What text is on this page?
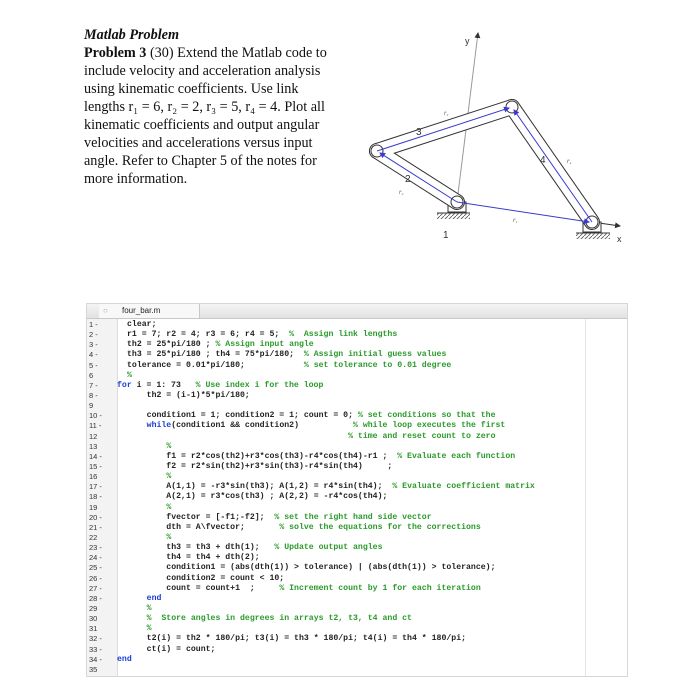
Matlab Problem
Problem 3 (30) Extend the Matlab code to
include velocity and acceleration analysis
using kinematic coefficients. Use link
lengths r₁ = 6, r₂ = 2, r₃ = 5, r₄ = 4. Plot all
kinematic coefficients and output angular
velocities and accelerations versus input
angle. Refer to Chapter 5 of the notes for
more information.
y
x
1
2
3
4
r̄₁
r̄₂
r̄₃
r̄₄
○ four_bar.m
1 -	clear;
2 -	r1 = 7; r2 = 4; r3 = 6; r4 = 5;  %  Assign link lengths
3 -	th2 = 25*pi/180 ; % Assign input angle
4 -	th3 = 25*pi/180 ; th4 = 75*pi/180;  % Assign initial guess values
5 -	tolerance = 0.01*pi/180;            % set tolerance to 0.01 degree
6	%
7 -	for i = 1: 73   % Use index i for the loop
8 -	th2 = (i-1)*5*pi/180;
9
10 -	condition1 = 1; condition2 = 1; count = 0; % set conditions so that the
11 -	while(condition1 && condition2)           % while loop executes the first
12	% time and reset count to zero
13	%
14 -	f1 = r2*cos(th2)+r3*cos(th3)-r4*cos(th4)-r1 ;  % Evaluate each function
15 -	f2 = r2*sin(th2)+r3*sin(th3)-r4*sin(th4)     ;
16	%
17 -	A(1,1) = -r3*sin(th3); A(1,2) = r4*sin(th4);  % Evaluate coefficient matrix
18 -	A(2,1) = r3*cos(th3) ; A(2,2) = -r4*cos(th4);
19	%
20 -	fvector = [-f1;-f2];  % set the right hand side vector
21 -	dth = A\fvector;       % solve the equations for the corrections
22	%
23 -	th3 = th3 + dth(1);   % Update output angles
24 -	th4 = th4 + dth(2);
25 -	condition1 = (abs(dth(1)) > tolerance) | (abs(dth(1)) > tolerance);
26 -	condition2 = count < 10;
27 -	count = count+1  ;     % Increment count by 1 for each iteration
28 -	end
29	%
30	%  Store angles in degrees in arrays t2, t3, t4 and ct
31	%
32 -	t2(i) = th2 * 180/pi; t3(i) = th3 * 180/pi; t4(i) = th4 * 180/pi;
33 -	ct(i) = count;
34 -	end
35
